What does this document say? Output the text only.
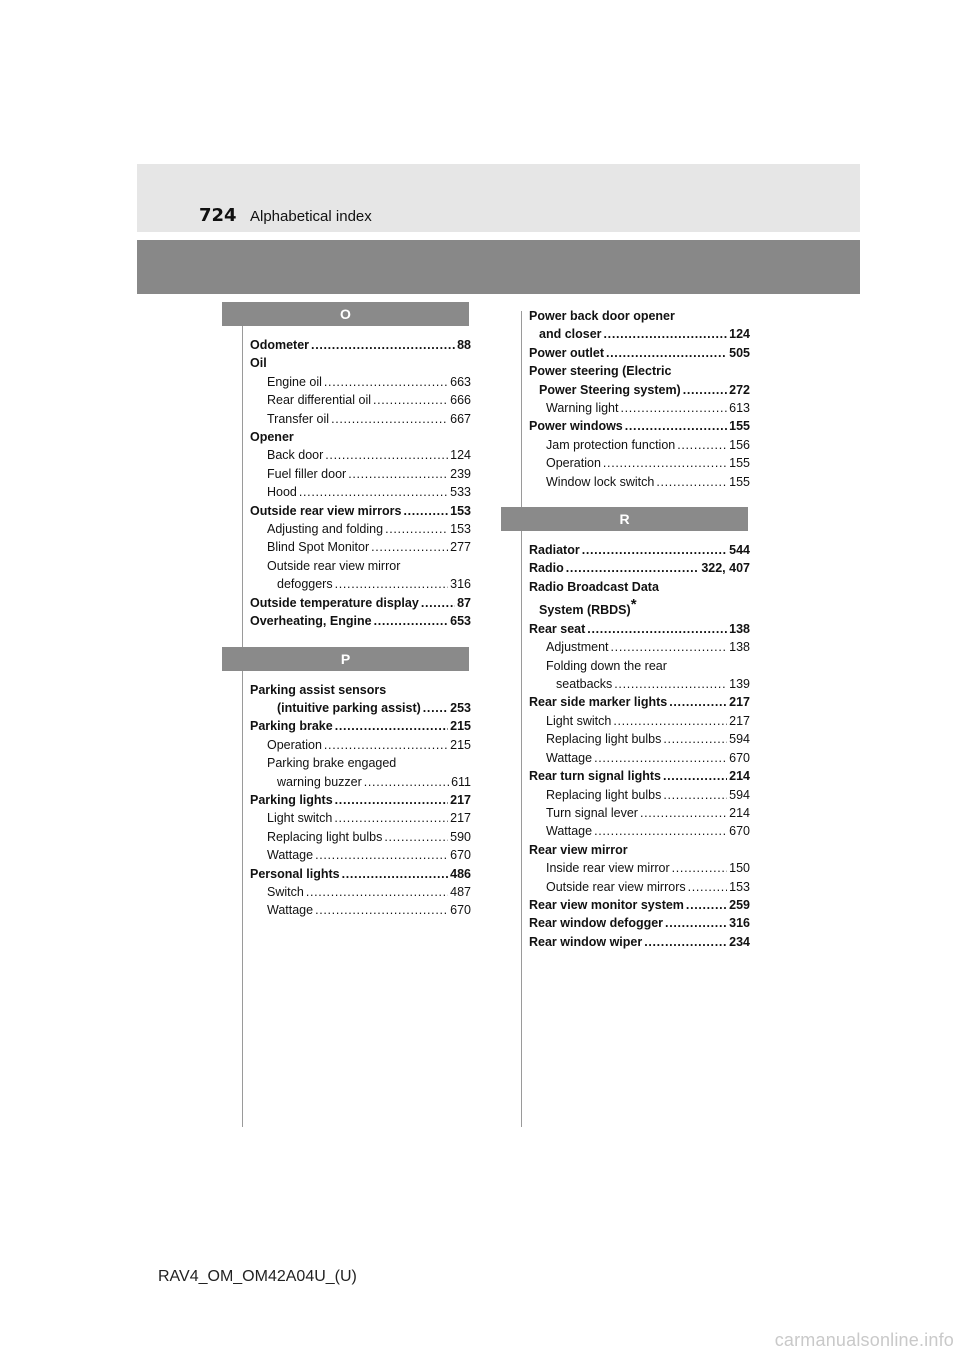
724 Alphabetical index
O
Odometer . . .	88
Oil
Engine oil . . .	663
Rear differential oil . . .	666
Transfer oil . . .	667
Opener
Back door . . .	124
Fuel filler door . . .	239
Hood . . .	533
Outside rear view mirrors . . .	153
Adjusting and folding . . .	153
Blind Spot Monitor . . .	277
Outside rear view mirror
defoggers . . .	316
Outside temperature display . . .	87
Overheating, Engine . . .	653
P
Parking assist sensors
(intuitive parking assist) . . . 253
Parking brake . . .	215
Operation . . .	215
Parking brake engaged
warning buzzer . . .	611
Parking lights . . .	217
Light switch . . .	217
Replacing light bulbs . . .	590
Wattage . . .	670
Personal lights . . .	486
Switch . . .	487
Wattage . . .	670
Power back door opener
and closer . . .	124
Power outlet . . .	505
Power steering (Electric
Power Steering system) . . .	272
Warning light . . .	613
Power windows . . .	155
Jam protection function . . .	156
Operation . . .	155
Window lock switch . . .	155
R
Radiator . . .	544
Radio . . .	322, 407
Radio Broadcast Data
System (RBDS)*
Rear seat . . .	138
Adjustment . . .	138
Folding down the rear
seatbacks . . .	139
Rear side marker lights . . .	217
Light switch . . .	217
Replacing light bulbs . . .	594
Wattage . . .	670
Rear turn signal lights . . .	214
Replacing light bulbs . . .	594
Turn signal lever . . .	214
Wattage . . .	670
Rear view mirror
Inside rear view mirror . . .	150
Outside rear view mirrors . . .	153
Rear view monitor system . . .	259
Rear window defogger . . .	316
Rear window wiper . . .	234
RAV4_OM_OM42A04U_(U)
carmanualsonline.info
